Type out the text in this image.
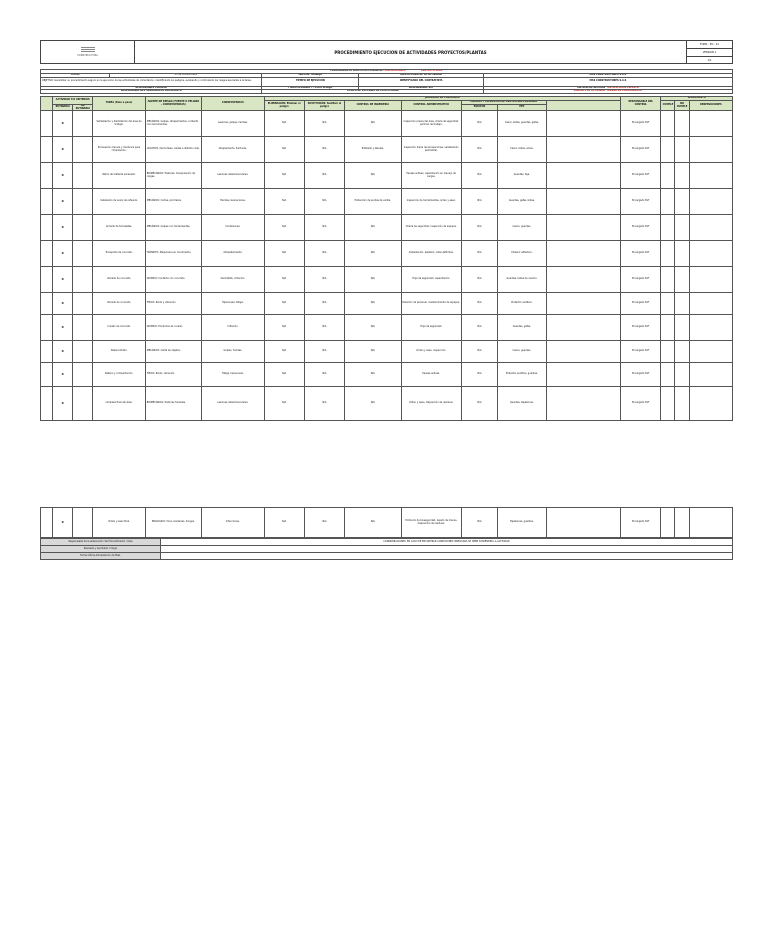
CONSTRUCTORA
PROCEDIMIENTO EJECUCION DE ACTIVIDADES PROYECTOS/PLANTAS
FORM - PO - 01
VERSION 1
1/1
PROCEDIMIENTO PARA LA ACTIVIDAD DE: CIMENTACIONES PROYECTO XXXX				
FECHA	15 de octubre 2024	ÁREA DE TRABAJO	IDENTIFICADO DE LA ACTIVIDAD	MAS CONSTRUCTORES S.A.S
OBJETIVO: Garantizar un procedimiento seguro en la ejecución de las actividades de cimentación, identificando los peligros, evaluando y controlando los riesgos asociados a la tarea.		TIEMPO DE EJECUCIÓN	IDENTIFICADO DEL CONTRATISTA	MAS CONSTRUCTORES S.A.S
RESPONSABLE PERMISO		FIRMA APROADO Y FECHA LEGAJO	RESPONSABLE SST	SISTEMA DE GESTIÓN SISTEMA DUAL EXPERTO
RESPONSABLE DEL SEGUIMIENTO DOCUMENTO		TIEMPO DE ESTIMADO DE LA ACTIVIDAD		DURANTE LA ACTIVIDAD RIESGO DE CUMPLIMIENTO
	ACTIVIDAD Y/O CRITERIOS		TAREA (Paso a paso)	AGENTE DE RIESGO (FUENTE O PELIGRO - CONSECUENCIAS)	CONSECUENCIAS	JERARQUIA DE CONTROLES							RESPONSABLE DEL CONTROL	SEGUIMIENTO		
						ELIMINACIÓN: Eliminar el peligro	SUSTITUCIÓN: Sustituir el peligro	CONTROL DE INGENIERÍA	CONTROL ADMINISTRATIVO	EQUIPOS Y ELEMENTOS DE PROTECCIÓN PERSONAL				CUMPLE	NO CUMPLE	OBSERVACIONES
	RUTINARIA	NO RUTINARIA								EQUIPOS	EPP					
	X		Señalización y delimitación del área de trabajo.	MECÁNICO: Golpes, atrapamientos, contacto con herramientas.	Lesiones, golpes, heridas.	N/A	N/A	N/A	Inspección previa del área, charla de seguridad, permiso de trabajo.	N/A	Casco, botas, guantes, gafas.		Encargado SST			
	X		Excavación manual y mecánica para cimentación.	LOCATIVO: Derrumbes, caídas a distinto nivel.	Atrapamiento, fracturas.	N/A	N/A	Entibado y taludes.	Inspección diaria de excavaciones, señalización perimetral.	N/A	Casco, botas, arnés.		Encargado SST			
	X		Retiro de material excavado.	BIOMECÁNICO: Posturas, manipulación de cargas.	Lesiones osteomusculares.	N/A	N/A	N/A	Pausas activas, capacitación en manejo de cargas.	N/A	Guantes, faja.		Encargado SST			
	X		Instalación de acero de refuerzo.	MECÁNICO: Cortes, pinchazos.	Heridas, laceraciones.	N/A	N/A	Protección de puntas de varilla.	Inspección de herramientas, orden y aseo.	N/A	Guantes, gafas, botas.		Encargado SST			
	X		Armado de formaletas.	MECÁNICO: Golpes con herramientas.	Contusiones.	N/A	N/A	N/A	Charla de seguridad, inspección de equipos.	N/A	Casco, guantes.		Encargado SST			
	X		Transporte de concreto.	TRÁNSITO: Maquinaria en movimiento.	Atropellamiento.	N/A	N/A	N/A	Señalización, paletero, rutas definidas.	N/A	Chaleco reflectivo.		Encargado SST			
	X		Vaciado de concreto.	QUÍMICO: Contacto con concreto.	Dermatitis, irritación.	N/A	N/A	N/A	Hoja de seguridad, capacitación.	N/A	Guantes, botas de caucho.		Encargado SST			
	X		Vibrado de concreto.	FÍSICO: Ruido y vibración.	Hipoacusia, fatiga.	N/A	N/A	N/A	Rotación de personal, mantenimiento de equipos.	N/A	Protector auditivo.		Encargado SST			
	X		Curado de concreto.	QUÍMICO: Productos de curado.	Irritación.	N/A	N/A	N/A	Hoja de seguridad.	N/A	Guantes, gafas.		Encargado SST			
	X		Desencofrado.	MECÁNICO: Caída de objetos.	Golpes, heridas.	N/A	N/A	N/A	Orden y aseo, inspección.	N/A	Casco, guantes.		Encargado SST			
	X		Relleno y compactación.	FÍSICO: Ruido, vibración.	Fatiga, hipoacusia.	N/A	N/A	N/A	Pausas activas.	N/A	Protector auditivo, guantes.		Encargado SST			
	X		Limpieza final del área.	BIOMECÁNICO: Posturas forzadas.	Lesiones osteomusculares.	N/A	N/A	N/A	Orden y aseo, disposición de residuos.	N/A	Guantes, tapabocas.		Encargado SST			
	X		Orden y aseo final.	BIOLÓGICO: Virus, bacterias, hongos.	Infecciones.	N/A	N/A	N/A	Protocolo de bioseguridad, lavado de manos, disposición de residuos.	N/A	Tapabocas, guantes.		Encargado SST			
Responsable de la elaboración del Procedimiento / Área	CONSIDERACIONES: EN CASO DE ENCONTRAR CONDICIONES INSEGURAS SE DEBE SUSPENDER LA ACTIVIDAD
Revisado y Aprobado / Cargo	
Fecha última Actualización de Elab.	
